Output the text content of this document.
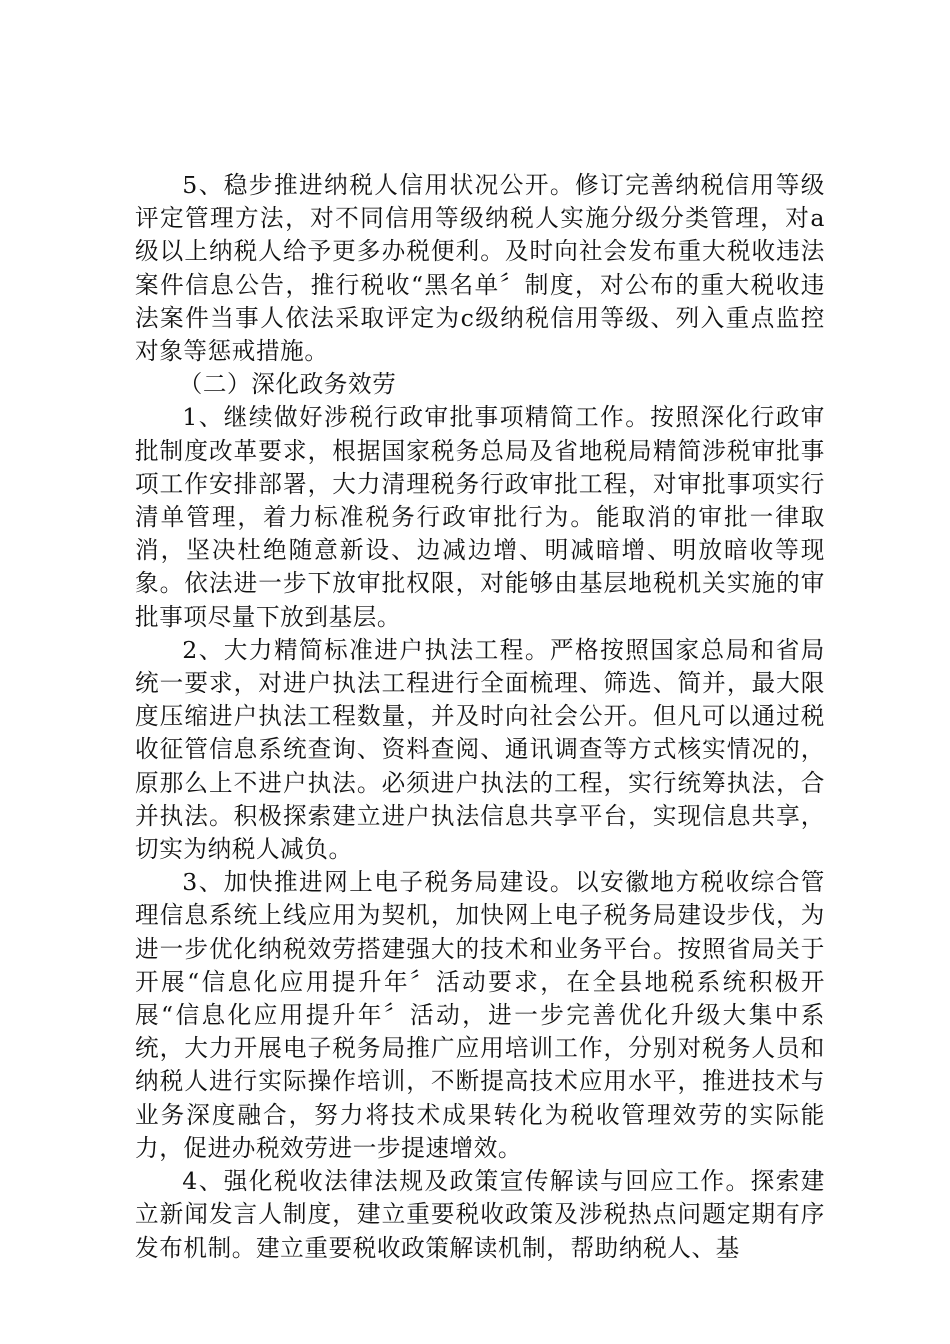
5、稳步推进纳税人信用状况公开。修订完善纳税信用等级评定管理方法，对不同信用等级纳税人实施分级分类管理，对a级以上纳税人给予更多办税便利。及时向社会发布重大税收违法案件信息公告，推行税收“黑名单〞制度，对公布的重大税收违法案件当事人依法采取评定为c级纳税信用等级、列入重点监控对象等惩戒措施。

（二）深化政务效劳

1、继续做好涉税行政审批事项精简工作。按照深化行政审批制度改革要求，根据国家税务总局及省地税局精简涉税审批事项工作安排部署，大力清理税务行政审批工程，对审批事项实行清单管理，着力标准税务行政审批行为。能取消的审批一律取消，坚决杜绝随意新设、边减边增、明减暗增、明放暗收等现象。依法进一步下放审批权限，对能够由基层地税机关实施的审批事项尽量下放到基层。

2、大力精简标准进户执法工程。严格按照国家总局和省局统一要求，对进户执法工程进行全面梳理、筛选、简并，最大限度压缩进户执法工程数量，并及时向社会公开。但凡可以通过税收征管信息系统查询、资料查阅、通讯调查等方式核实情况的，原那么上不进户执法。必须进户执法的工程，实行统筹执法，合并执法。积极探索建立进户执法信息共享平台，实现信息共享，切实为纳税人减负。

3、加快推进网上电子税务局建设。以安徽地方税收综合管理信息系统上线应用为契机，加快网上电子税务局建设步伐，为进一步优化纳税效劳搭建强大的技术和业务平台。按照省局关于开展“信息化应用提升年〞活动要求，在全县地税系统积极开展“信息化应用提升年〞活动，进一步完善优化升级大集中系统，大力开展电子税务局推广应用培训工作，分别对税务人员和纳税人进行实际操作培训，不断提高技术应用水平，推进技术与业务深度融合，努力将技术成果转化为税收管理效劳的实际能力，促进办税效劳进一步提速增效。

4、强化税收法律法规及政策宣传解读与回应工作。探索建立新闻发言人制度，建立重要税收政策及涉税热点问题定期有序发布机制。建立重要税收政策解读机制，帮助纳税人、基
